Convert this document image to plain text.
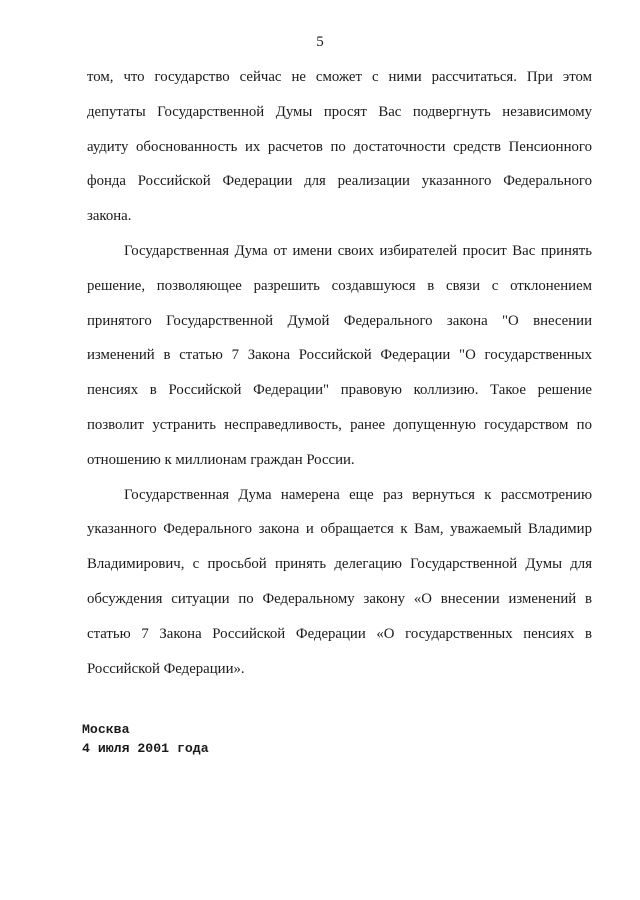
5

том, что государство сейчас не сможет с ними рассчитаться. При этом
депутаты Государственной Думы просят Вас подвергнуть независимому
аудиту обоснованность их расчетов по достаточности средств Пенсионного
фонда Российской Федерации для реализации указанного Федерального
закона.

Государственная Дума от имени своих избирателей просит Вас принять
решение, позволяющее разрешить создавшуюся в связи с отклонением
принятого Государственной Думой Федерального закона "О внесении
изменений в статью 7 Закона Российской Федерации "О государственных
пенсиях в Российской Федерации" правовую коллизию. Такое решение
позволит устранить несправедливость, ранее допущенную государством по
отношению к миллионам граждан России.

Государственная Дума намерена еще раз вернуться к рассмотрению
указанного Федерального закона и обращается к Вам, уважаемый Владимир
Владимирович, с просьбой принять делегацию Государственной Думы для
обсуждения ситуации по Федеральному закону «О внесении изменений в
статью 7 Закона Российской Федерации «О государственных пенсиях в
Российской Федерации».

Москва
4 июля 2001 года
